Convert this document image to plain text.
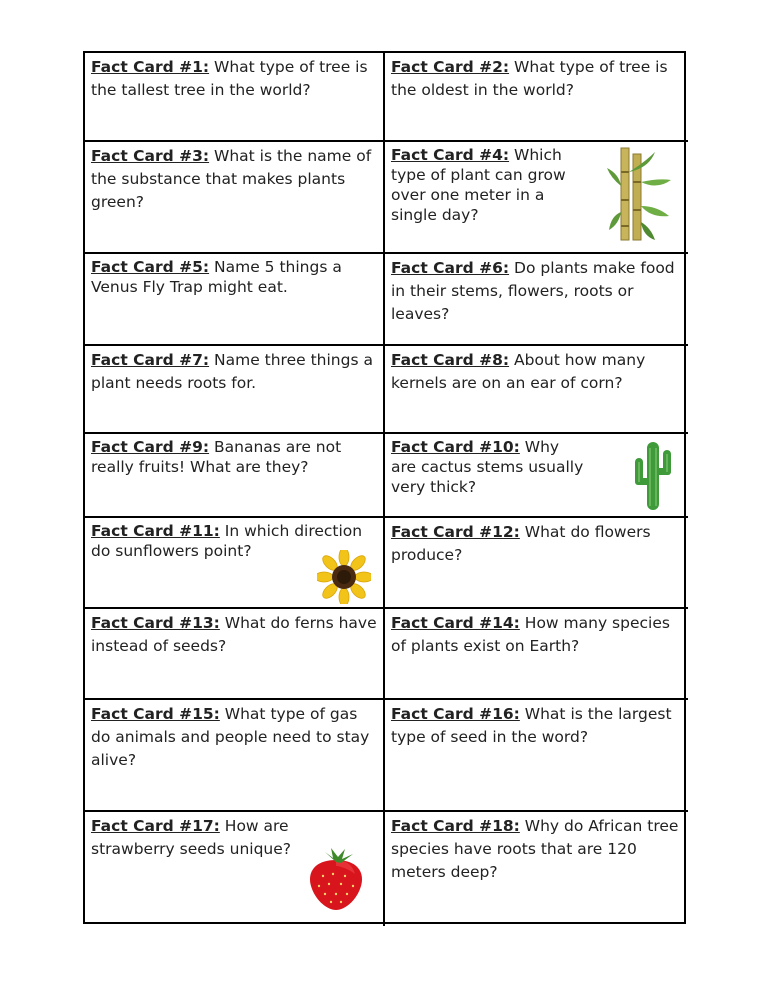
Fact Card #1: What type of tree is the tallest tree in the world?
Fact Card #2: What type of tree is the oldest in the world?
Fact Card #3: What is the name of the substance that makes plants green?
Fact Card #4: Which type of plant can grow over one meter in a single day?
Fact Card #5: Name 5 things a Venus Fly Trap might eat.
Fact Card #6: Do plants make food in their stems, flowers, roots or leaves?
Fact Card #7: Name three things a plant needs roots for.
Fact Card #8: About how many kernels are on an ear of corn?
Fact Card #9: Bananas are not really fruits! What are they?
Fact Card #10: Why are cactus stems usually very thick?
Fact Card #11: In which direction do sunflowers point?
Fact Card #12: What do flowers produce?
Fact Card #13: What do ferns have instead of seeds?
Fact Card #14: How many species of plants exist on Earth?
Fact Card #15: What type of gas do animals and people need to stay alive?
Fact Card #16: What is the largest type of seed in the word?
Fact Card #17: How are strawberry seeds unique?
Fact Card #18: Why do African tree species have roots that are 120 meters deep?
